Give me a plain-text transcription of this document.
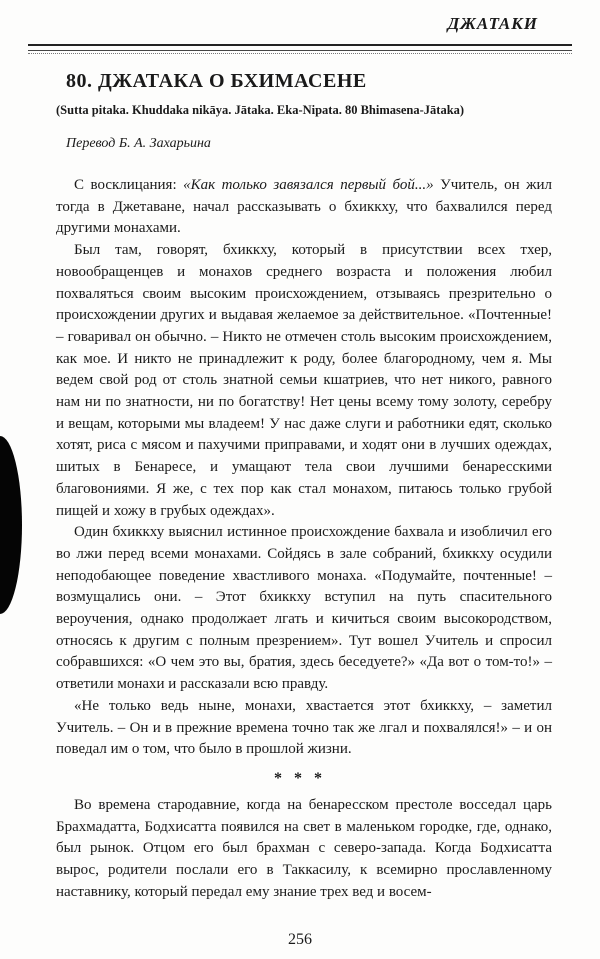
ДЖАТАКИ
80. ДЖАТАКА О БХИМАСЕНЕ
(Sutta pitaka. Khuddaka nikāya. Jātaka. Eka-Nipata. 80 Bhimasena-Jātaka)
Перевод Б. А. Захарьина

С восклицания: «Как только завязался первый бой...» Учитель, он жил тогда в Джетаване, начал рассказывать о бхиккху, что бахвалился перед другими монахами.

Был там, говорят, бхиккху, который в присутствии всех тхер, новообращенцев и монахов среднего возраста и положения любил похваляться своим высоким происхождением, отзываясь презрительно о происхождении других и выдавая желаемое за действительное. «Почтенные! – говаривал он обычно. – Никто не отмечен столь высоким происхождением, как мое. И никто не принадлежит к роду, более благородному, чем я. Мы ведем свой род от столь знатной семьи кшатриев, что нет никого, равного нам ни по знатности, ни по богатству! Нет цены всему тому золоту, серебру и вещам, которыми мы владеем! У нас даже слуги и работники едят, сколько хотят, риса с мясом и пахучими приправами, и ходят они в лучших одеждах, шитых в Бенаресе, и умащают тела свои лучшими бенаресскими благовониями. Я же, с тех пор как стал монахом, питаюсь только грубой пищей и хожу в грубых одеждах».

Один бхиккху выяснил истинное происхождение бахвала и изобличил его во лжи перед всеми монахами. Сойдясь в зале собраний, бхиккху осудили неподобающее поведение хвастливого монаха. «Подумайте, почтенные! – возмущались они. – Этот бхиккху вступил на путь спасительного вероучения, однако продолжает лгать и кичиться своим высокородством, относясь к другим с полным презрением». Тут вошел Учитель и спросил собравшихся: «О чем это вы, братия, здесь беседуете?» «Да вот о том-то!» – ответили монахи и рассказали всю правду.

«Не только ведь ныне, монахи, хвастается этот бхиккху, – заметил Учитель. – Он и в прежние времена точно так же лгал и похвалялся!» – и он поведал им о том, что было в прошлой жизни.

* * *

Во времена стародавние, когда на бенаресском престоле восседал царь Брахмадатта, Бодхисатта появился на свет в маленьком городке, где, однако, был рынок. Отцом его был брахман с северо-запада. Когда Бодхисатта вырос, родители послали его в Таккасилу, к всемирно прославленному наставнику, который передал ему знание трех вед и восем-

256
